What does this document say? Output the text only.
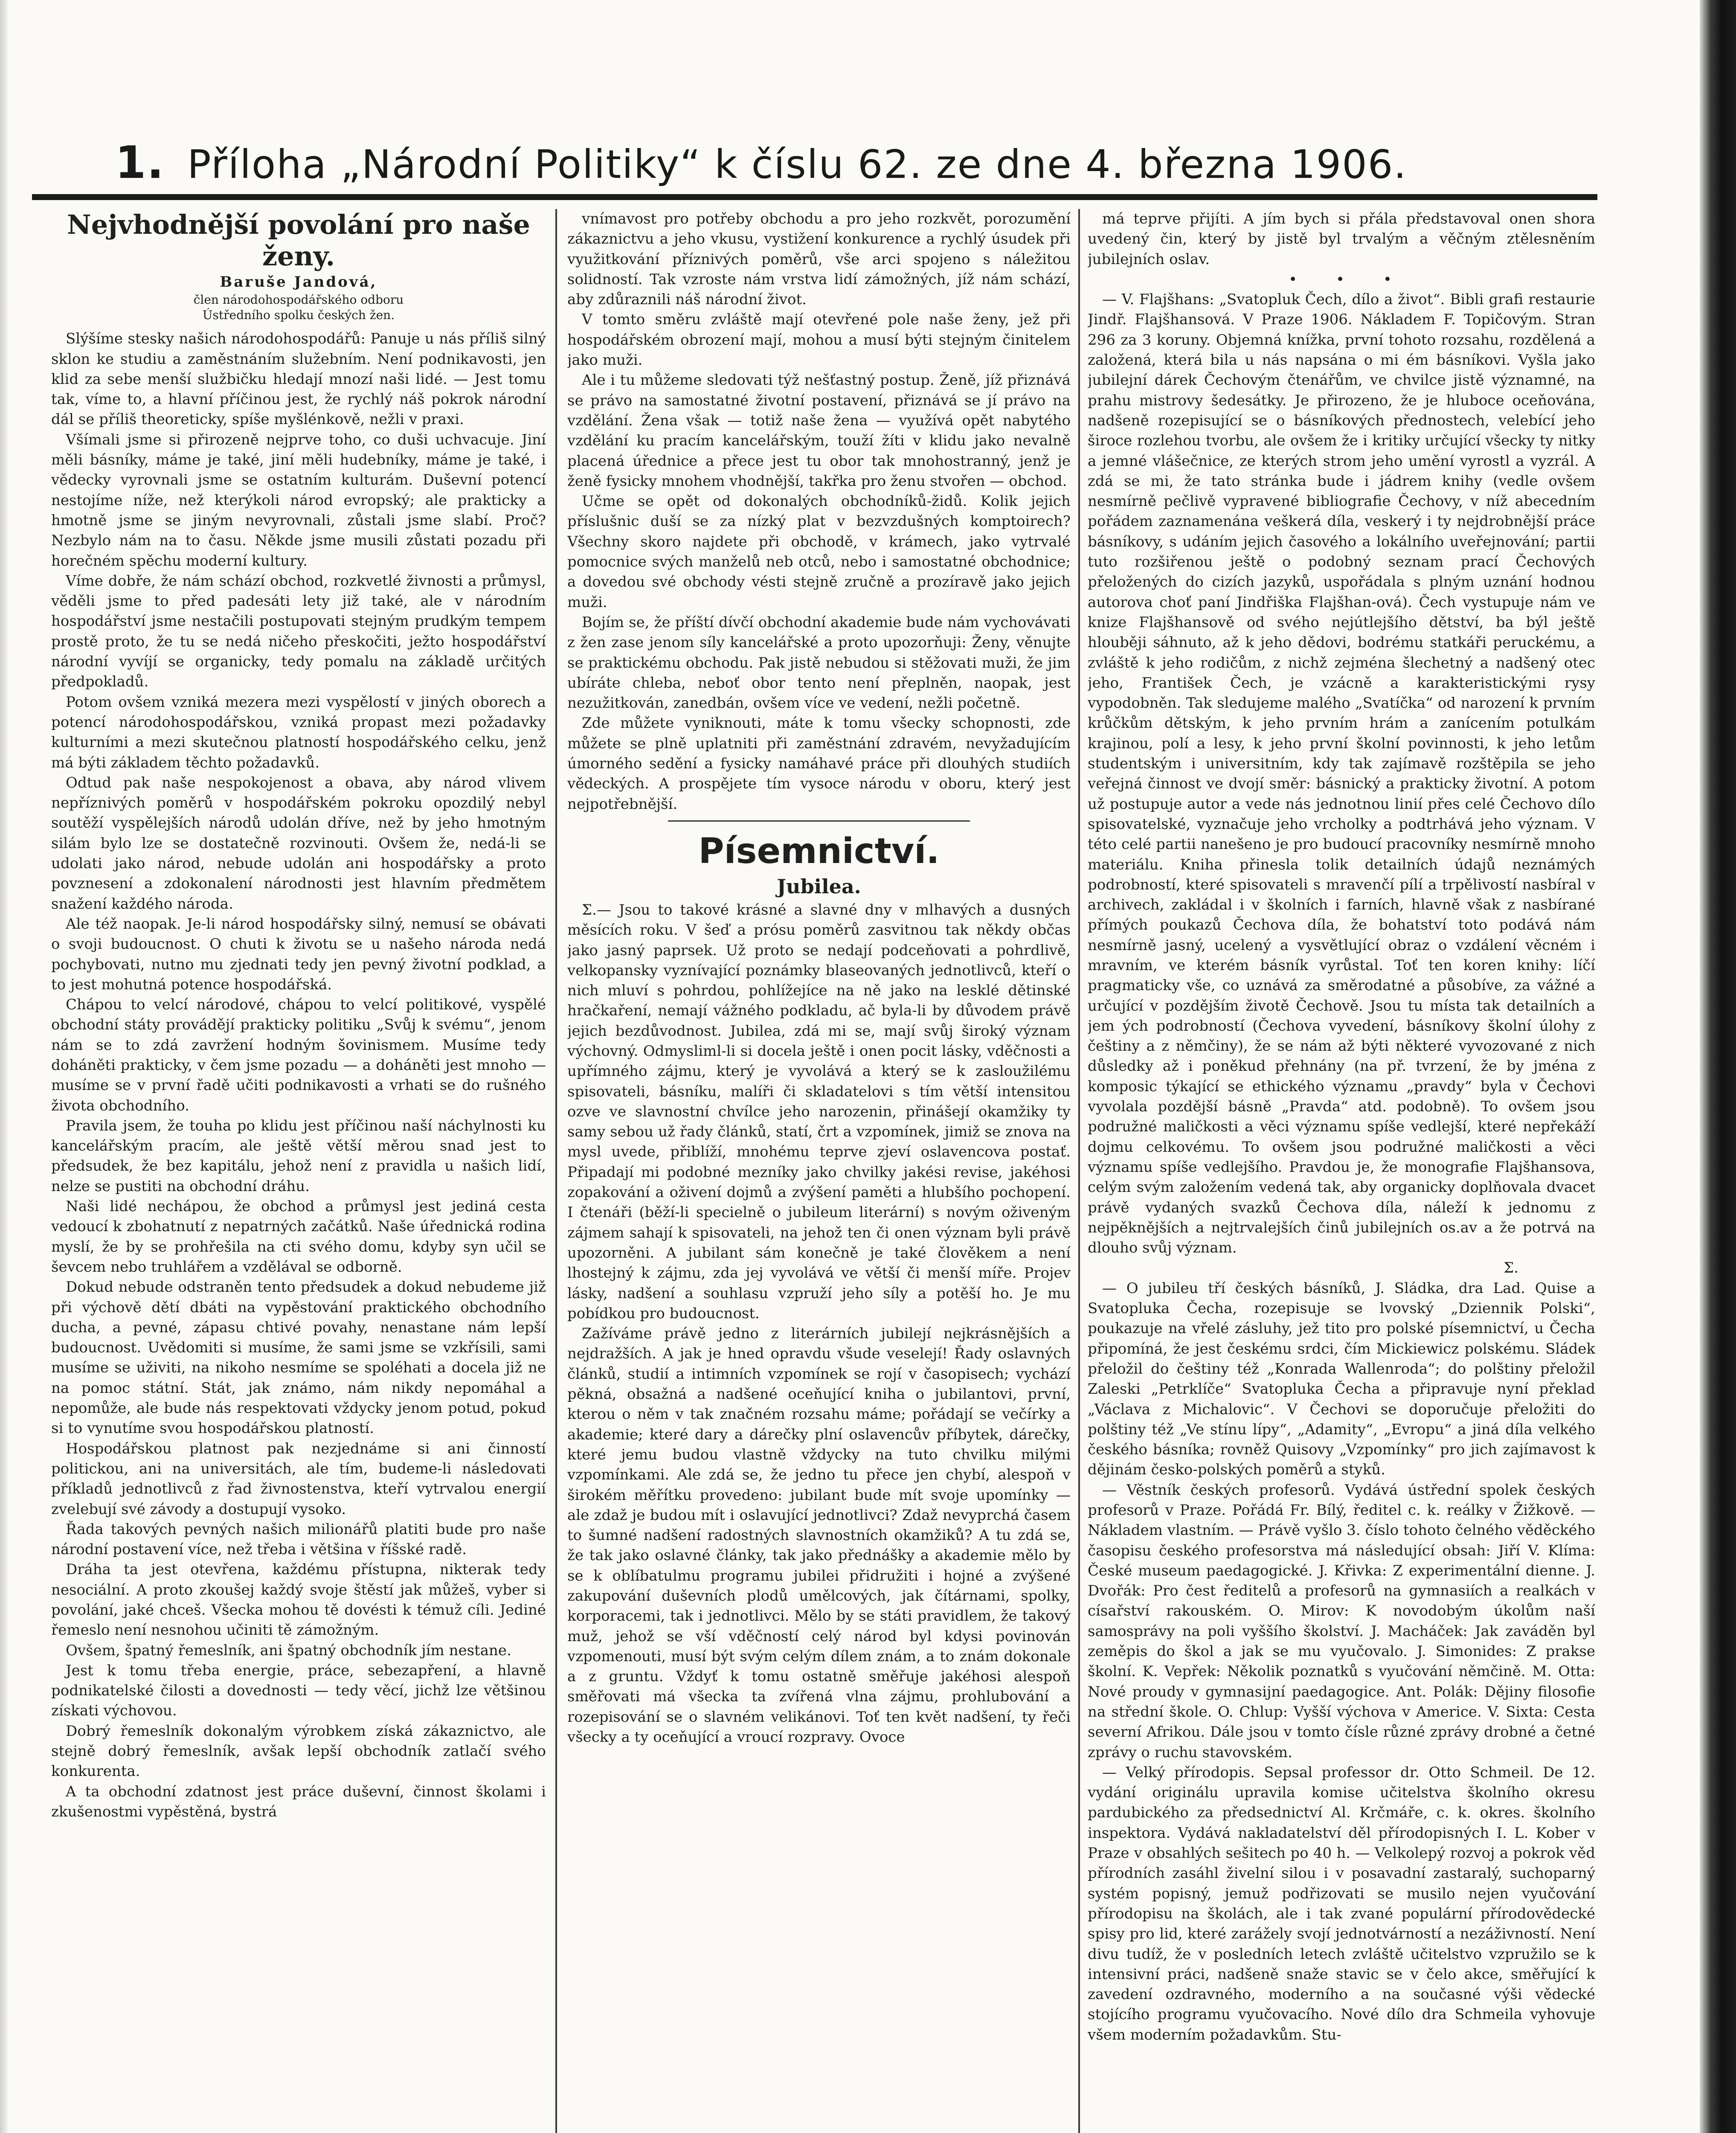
1. Příloha „Národní Politiky“ k číslu 62. ze dne 4. března 1906.

Nejvhodnější povolání pro naše ženy.

Baruše Jandová,

člen národohospodářského odboru

Ústředního spolku českých žen.

Slýšíme stesky našich národohospodářů: Panuje u nás příliš silný sklon ke studiu a zaměstnáním služebním. Není podnikavosti, jen klid za sebe menší službičku hledají mnozí naši lidé. — Jest tomu tak, víme to, a hlavní příčinou jest, že rychlý náš pokrok národní dál se příliš theoreticky, spíše myšlénkově, nežli v praxi.

Všímali jsme si přirozeně nejprve toho, co duši uchvacuje. Jiní měli básníky, máme je také, jiní měli hudebníky, máme je také, i vědecky vyrovnali jsme se ostatním kulturám. Duševní potencí nestojíme níže, než kterýkoli národ evropský; ale prakticky a hmotně jsme se jiným nevyrovnali, zůstali jsme slabí. Proč? Nezbylo nám na to času. Někde jsme musili zůstati pozadu při horečném spěchu moderní kultury.

Víme dobře, že nám schází obchod, rozkvetlé živnosti a průmysl, věděli jsme to před padesáti lety již také, ale v národním hospodářství jsme nestačili postupovati stejným prudkým tempem prostě proto, že tu se nedá ničeho přeskočiti, ježto hospodářství národní vyvíjí se organicky, tedy pomalu na základě určitých předpokladů.

Potom ovšem vzniká mezera mezi vyspělostí v jiných oborech a potencí národohospodářskou, vzniká propast mezi požadavky kulturními a mezi skutečnou platností hospodářského celku, jenž má býti základem těchto požadavků.

Odtud pak naše nespokojenost a obava, aby národ vlivem nepříznivých poměrů v hospodářském pokroku opozdilý nebyl soutěží vyspělejších národů udolán dříve, než by jeho hmotným silám bylo lze se dostatečně rozvinouti. Ovšem že, nedá-li se udolati jako národ, nebude udolán ani hospodářsky a proto povznesení a zdokonalení národnosti jest hlavním předmětem snažení každého národa.

Ale též naopak. Je-li národ hospodářsky silný, nemusí se obávati o svoji budoucnost. O chuti k životu se u našeho národa nedá pochybovati, nutno mu zjednati tedy jen pevný životní podklad, a to jest mohutná potence hospodářská.

Chápou to velcí národové, chápou to velcí politikové, vyspělé obchodní státy provádějí prakticky politiku „Svůj k svému“, jenom nám se to zdá zavržení hodným šovinismem. Musíme tedy doháněti prakticky, v čem jsme pozadu — a doháněti jest mnoho — musíme se v první řadě učiti podnikavosti a vrhati se do rušného života obchodního.

Pravila jsem, že touha po klidu jest příčinou naší náchylnosti ku kancelářským pracím, ale ještě větší měrou snad jest to předsudek, že bez kapitálu, jehož není z pravidla u našich lidí, nelze se pustiti na obchodní dráhu.

Naši lidé nechápou, že obchod a průmysl jest jediná cesta vedoucí k zbohatnutí z nepatrných začátků. Naše úřednická rodina myslí, že by se prohřešila na cti svého domu, kdyby syn učil se ševcem nebo truhlářem a vzdělával se odborně.

Dokud nebude odstraněn tento předsudek a dokud nebudeme již při výchově dětí dbáti na vypěstování praktického obchodního ducha, a pevné, zápasu chtivé povahy, nenastane nám lepší budoucnost. Uvědomiti si musíme, že sami jsme se vzkřísili, sami musíme se uživiti, na nikoho nesmíme se spoléhati a docela již ne na pomoc státní. Stát, jak známo, nám nikdy nepomáhal a nepomůže, ale bude nás respektovati vždycky jenom potud, pokud si to vynutíme svou hospodářskou platností.

Hospodářskou platnost pak nezjednáme si ani činností politickou, ani na universitách, ale tím, budeme-li následovati příkladů jednotlivců z řad živnostenstva, kteří vytrvalou energií zvelebují své závody a dostupují vysoko.

Řada takových pevných našich milionářů platiti bude pro naše národní postavení více, než třeba i většina v říšské radě.

Dráha ta jest otevřena, každému přístupna, nikterak tedy nesociální. A proto zkoušej každý svoje štěstí jak můžeš, vyber si povolání, jaké chceš. Všecka mohou tě dovésti k témuž cíli. Jediné řemeslo není nesnohou učiniti tě zámožným.

Ovšem, špatný řemeslník, ani špatný obchodník jím nestane.

Jest k tomu třeba energie, práce, sebezapření, a hlavně podnikatelské čilosti a dovednosti — tedy věcí, jichž lze většinou získati výchovou.

Dobrý řemeslník dokonalým výrobkem získá zákaznictvo, ale stejně dobrý řemeslník, avšak lepší obchodník zatlačí svého konkurenta.

A ta obchodní zdatnost jest práce duševní, činnost školami i zkušenostmi vypěstěná, bystrá

vnímavost pro potřeby obchodu a pro jeho rozkvět, porozumění zákaznictvu a jeho vkusu, vystižení konkurence a rychlý úsudek při využitkování příznivých poměrů, vše arci spojeno s náležitou solidností. Tak vzroste nám vrstva lidí zámožných, jíž nám schází, aby zdůraznili náš národní život.

V tomto směru zvláště mají otevřené pole naše ženy, jež při hospodářském obrození mají, mohou a musí býti stejným činitelem jako muži.

Ale i tu můžeme sledovati týž nešťastný postup. Ženě, jíž přiznává se právo na samostatné životní postavení, přiznává se jí právo na vzdělání. Žena však — totiž naše žena — využívá opět nabytého vzdělání ku pracím kancelářským, touží žíti v klidu jako nevalně placená úřednice a přece jest tu obor tak mnohostranný, jenž je ženě fysicky mnohem vhodnější, takřka pro ženu stvořen — obchod.

Učme se opět od dokonalých obchodníků-židů. Kolik jejich příslušnic duší se za nízký plat v bezvzdušných komptoirech? Všechny skoro najdete při obchodě, v krámech, jako vytrvalé pomocnice svých manželů neb otců, nebo i samostatné obchodnice; a dovedou své obchody vésti stejně zručně a prozíravě jako jejich muži.

Bojím se, že příští dívčí obchodní akademie bude nám vychovávati z žen zase jenom síly kancelářské a proto upozorňuji: Ženy, věnujte se praktickému obchodu. Pak jistě nebudou si stěžovati muži, že jim ubíráte chleba, neboť obor tento není přeplněn, naopak, jest nezužitkován, zanedbán, ovšem více ve vedení, nežli početně.

Zde můžete vyniknouti, máte k tomu všecky schopnosti, zde můžete se plně uplatniti při zaměstnání zdravém, nevyžadujícím úmorného sedění a fysicky namáhavé práce při dlouhých studiích vědeckých. A prospějete tím vysoce národu v oboru, který jest nejpotřebnější.

Písemnictví.

Jubilea.

Σ.— Jsou to takové krásné a slavné dny v mlhavých a dusných měsících roku. V šeď a prósu poměrů zasvitnou tak někdy občas jako jasný paprsek. Už proto se nedají podceňovati a pohrdlivě, velkopansky vyznívající poznámky blaseovaných jednotlivců, kteří o nich mluví s pohrdou, pohlížejíce na ně jako na lesklé dětinské hračkaření, nemají vážného podkladu, ač byla-li by důvodem právě jejich bezdůvodnost. Jubilea, zdá mi se, mají svůj široký význam výchovný. Odmysliml-li si docela ještě i onen pocit lásky, vděčnosti a upřímného zájmu, který je vyvolává a který se k zasloužilému spisovateli, básníku, malíři či skladatelovi s tím větší intensitou ozve ve slavnostní chvílce jeho narozenin, přinášejí okamžiky ty samy sebou už řady článků, statí, črt a vzpomínek, jimiž se znova na mysl uvede, přiblíží, mnohému teprve zjeví oslavencova postať. Připadají mi podobné mezníky jako chvilky jakési revise, jakéhosi zopakování a oživení dojmů a zvýšení paměti a hlubšího pochopení. I čtenáři (běží-li specielně o jubileum literární) s novým oživeným zájmem sahají k spisovateli, na jehož ten či onen význam byli právě upozorněni. A jubilant sám konečně je také člověkem a není lhostejný k zájmu, zda jej vyvolává ve větší či menší míře. Projev lásky, nadšení a souhlasu vzpruží jeho síly a potěší ho. Je mu pobídkou pro budoucnost.

Zažíváme právě jedno z literárních jubilejí nejkrásnějších a nejdražších. A jak je hned opravdu všude veselejí! Řady oslavných článků, studií a intimních vzpomínek se rojí v časopisech; vychází pěkná, obsažná a nadšené oceňující kniha o jubilantovi, první, kterou o něm v tak značném rozsahu máme; pořádají se večírky a akademie; které dary a dárečky plní oslavencův příbytek, dárečky, které jemu budou vlastně vždycky na tuto chvilku milými vzpomínkami. Ale zdá se, že jedno tu přece jen chybí, alespoň v širokém měřítku provedeno: jubilant bude mít svoje upomínky — ale zdaž je budou mít i oslavující jednotlivci? Zdaž nevyprchá časem to šumné nadšení radostných slavnostních okamžiků? A tu zdá se, že tak jako oslavné články, tak jako přednášky a akademie mělo by se k oblíbatulmu programu jubilei přidružiti i hojné a zvýšené zakupování duševních plodů umělcových, jak čítárnami, spolky, korporacemi, tak i jednotlivci. Mělo by se státi pravidlem, že takový muž, jehož se vší vděčností celý národ byl kdysi povinován vzpomenouti, musí být svým celým dílem znám, a to znám dokonale a z gruntu. Vždyť k tomu ostatně směřuje jakéhosi alespoň směřovati má všecka ta zvířená vlna zájmu, prohlubování a rozepisování se o slavném velikánovi. Toť ten květ nadšení, ty řeči všecky a ty oceňující a vroucí rozpravy. Ovoce

má teprve přijíti. A jím bych si přála představoval onen shora uvedený čin, který by jistě byl trvalým a věčným ztělesněním jubilejních oslav.

• • •

— V. Flajšhans: „Svatopluk Čech, dílo a život“. Bibli grafi restaurie Jindř. Flajšhansová. V Praze 1906. Nákladem F. Topičovým. Stran 296 za 3 koruny. Objemná knížka, první tohoto rozsahu, rozdělená a založená, která bila u nás napsána o mi ém básníkovi. Vyšla jako jubilejní dárek Čechovým čtenářům, ve chvilce jistě významné, na prahu mistrovy šedesátky. Je přirozeno, že je hluboce oceňována, nadšeně rozepisující se o básníkových přednostech, velebící jeho široce rozlehou tvorbu, ale ovšem že i kritiky určující všecky ty nitky a jemné vlášečnice, ze kterých strom jeho umění vyrostl a vyzrál. A zdá se mi, že tato stránka bude i jádrem knihy (vedle ovšem nesmírně pečlivě vypravené bibliografie Čechovy, v níž abecedním pořádem zaznamenána veškerá díla, veskerý i ty nejdrobnější práce básníkovy, s udáním jejich časového a lokálního uveřejnování; partii tuto rozšiřenou ještě o podobný seznam prací Čechových přeložených do cizích jazyků, uspořádala s plným uznání hodnou autorova choť paní Jindřiška Flajšhan-ová). Čech vystupuje nám ve knize Flajšhansově od svého nejútlejšího dětství, ba býl ještě hlouběji sáhnuto, až k jeho dědovi, bodrému statkáři peruckému, a zvláště k jeho rodičům, z nichž zejména šlechetný a nadšený otec jeho, František Čech, je vzácně a karakteristickými rysy vypodobněn. Tak sledujeme malého „Svatíčka“ od narození k prvním krůčkům dětským, k jeho prvním hrám a zanícením potulkám krajinou, polí a lesy, k jeho první školní povinnosti, k jeho letům studentským i universitním, kdy tak zajímavě rozštěpila se jeho veřejná činnost ve dvojí směr: básnický a prakticky životní. A potom už postupuje autor a vede nás jednotnou linií přes celé Čechovo dílo spisovatelské, vyznačuje jeho vrcholky a podtrhává jeho význam. V této celé partii nanešeno je pro budoucí pracovníky nesmírně mnoho materiálu. Kniha přinesla tolik detailních údajů neznámých podrobností, které spisovateli s mravenčí pílí a trpělivostí nasbíral v archivech, zakládal i v školních i farních, hlavně však z nasbírané přímých poukazů Čechova díla, že bohatství toto podává nám nesmírně jasný, ucelený a vysvětlující obraz o vzdálení věcném i mravním, ve kterém básník vyrůstal. Toť ten koren knihy: líčí pragmaticky vše, co uznává za směrodatné a působíve, za vážné a určující v pozdějším životě Čechově. Jsou tu místa tak detailních a jem ých podrobností (Čechova vyvedení, básníkovy školní úlohy z češtiny a z němčiny), že se nám až býti některé vyvozované z nich důsledky až i poněkud přehnány (na př. tvrzení, že by jména z komposic týkající se ethického významu „pravdy“ byla v Čechovi vyvolala pozdější básně „Pravda“ atd. podobně). To ovšem jsou podružné maličkosti a věci významu spíše vedlejší, které nepřekáží dojmu celkovému. To ovšem jsou podružné maličkosti a věci významu spíše vedlejšího. Pravdou je, že monografie Flajšhansova, celým svým založením vedená tak, aby organicky doplňovala dvacet právě vydaných svazků Čechova díla, náleží k jednomu z nejpěknějších a nejtrvalejších činů jubilejních os.av a že potrvá na dlouho svůj význam.

Σ.

— O jubileu tří českých básníků, J. Sládka, dra Lad. Quise a Svatopluka Čecha, rozepisuje se lvovský „Dziennik Polski“, poukazuje na vřelé zásluhy, jež tito pro polské písemnictví, u Čecha připomíná, že jest českému srdci, čím Mickiewicz polskému. Sládek přeložil do češtiny též „Konrada Wallenroda“; do polštiny přeložil Zaleski „Petrklíče“ Svatopluka Čecha a připravuje nyní překlad „Václava z Michalovic“. V Čechovi se doporučuje přeložiti do polštiny též „Ve stínu lípy“, „Adamity“, „Evropu“ a jiná díla velkého českého básníka; rovněž Quisovy „Vzpomínky“ pro jich zajímavost k dějinám česko-polských poměrů a styků.

— Věstník českých profesorů. Vydává ústřední spolek českých profesorů v Praze. Pořádá Fr. Bílý, ředitel c. k. reálky v Žižkově. — Nákladem vlastním. — Právě vyšlo 3. číslo tohoto čelného věděckého časopisu českého profesorstva má následující obsah: Jiří V. Klíma: České museum paedagogické. J. Křivka: Z experimentální dienne. J. Dvořák: Pro čest ředitelů a profesorů na gymnasiích a realkách v císařství rakouském. O. Mirov: K novodobým úkolům naší samosprávy na poli vyššího školství. J. Macháček: Jak zaváděn byl zeměpis do škol a jak se mu vyučovalo. J. Simonides: Z prakse školní. K. Vepřek: Několik poznatků s vyučování němčině. M. Otta: Nové proudy v gymnasijní paedagogice. Ant. Polák: Dějiny filosofie na střední škole. O. Chlup: Vyšší výchova v Americe. V. Sixta: Cesta severní Afrikou. Dále jsou v tomto čísle různé zprávy drobné a četné zprávy o ruchu stavovském.

— Velký přírodopis. Sepsal professor dr. Otto Schmeil. De 12. vydání originálu upravila komise učitelstva školního okresu pardubického za předsednictví Al. Krčmáře, c. k. okres. školního inspektora. Vydává nakladatelství děl přírodopisných I. L. Kober v Praze v obsahlých sešitech po 40 h. — Velkolepý rozvoj a pokrok věd přírodních zasáhl živelní silou i v posavadní zastaralý, suchoparný systém popisný, jemuž podřizovati se musilo nejen vyučování přírodopisu na školách, ale i tak zvané populární přírodovědecké spisy pro lid, které zarážely svojí jednotvárností a nezáživností. Není divu tudíž, že v posledních letech zvláště učitelstvo vzpružilo se k intensivní práci, nadšeně snaže stavic se v čelo akce, směřující k zavedení ozdravného, moderního a na současné výši vědecké stojícího programu vyučovacího. Nové dílo dra Schmeila vyhovuje všem moderním požadavkům. Stu-
